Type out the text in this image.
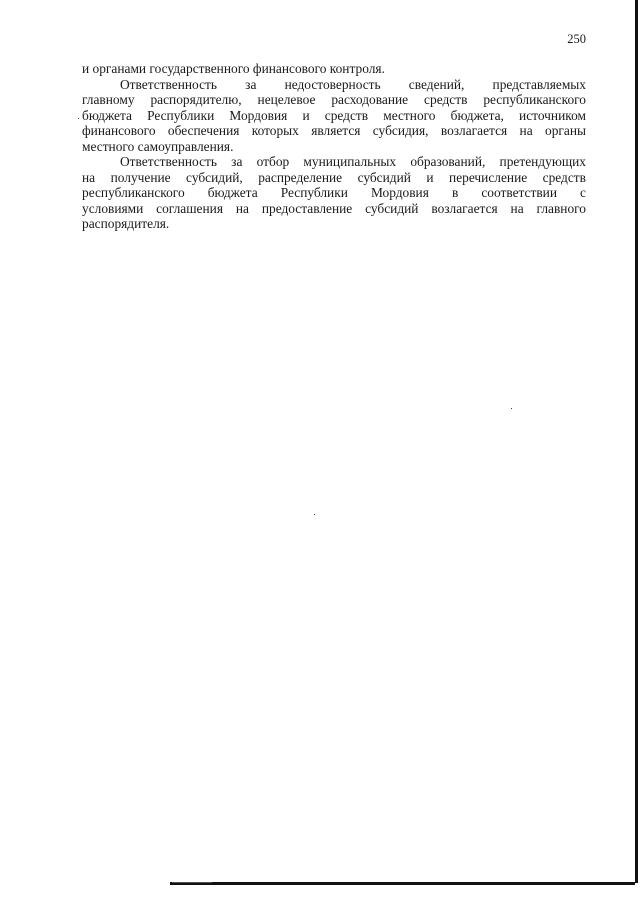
250
и органами государственного финансового контроля.
Ответственность за недостоверность сведений, представляемых
главному распорядителю, нецелевое расходование средств республиканского
бюджета Республики Мордовия и средств местного бюджета, источником
финансового обеспечения которых является субсидия, возлагается на органы
местного самоуправления.
Ответственность за отбор муниципальных образований, претендующих
на получение субсидий, распределение субсидий и перечисление средств
республиканского бюджета Республики Мордовия в соответствии с
условиями соглашения на предоставление субсидий возлагается на главного
распорядителя.
